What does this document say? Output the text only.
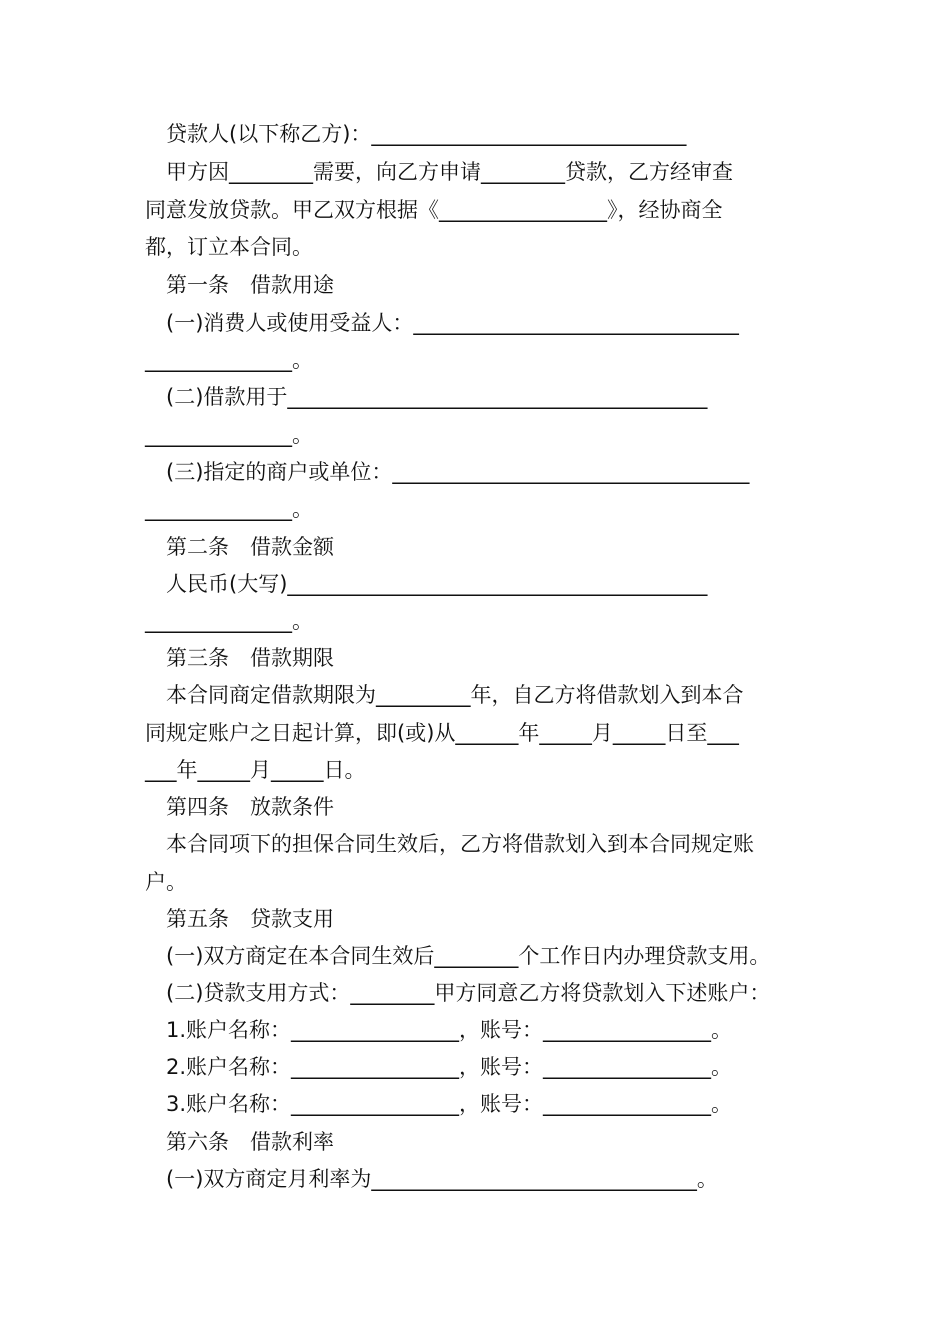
　贷款人(以下称乙方)：______________________________
　甲方因________需要，向乙方申请________贷款，乙方经审查
同意发放贷款。甲乙双方根据《________________》，经协商全
都，订立本合同。
　第一条　借款用途
　(一)消费人或使用受益人：_______________________________
______________。
　(二)借款用于________________________________________
______________。
　(三)指定的商户或单位：__________________________________
______________。
　第二条　借款金额
　人民币(大写)________________________________________
______________。
　第三条　借款期限
　本合同商定借款期限为_________年，自乙方将借款划入到本合
同规定账户之日起计算，即(或)从______年_____月_____日至___
___年_____月_____日。
　第四条　放款条件
　本合同项下的担保合同生效后，乙方将借款划入到本合同规定账
户。
　第五条　贷款支用
　(一)双方商定在本合同生效后________个工作日内办理贷款支用。
　(二)贷款支用方式：________甲方同意乙方将贷款划入下述账户：
　1.账户名称：________________，账号：________________。
　2.账户名称：________________，账号：________________。
　3.账户名称：________________，账号：________________。
　第六条　借款利率
　(一)双方商定月利率为_______________________________。
